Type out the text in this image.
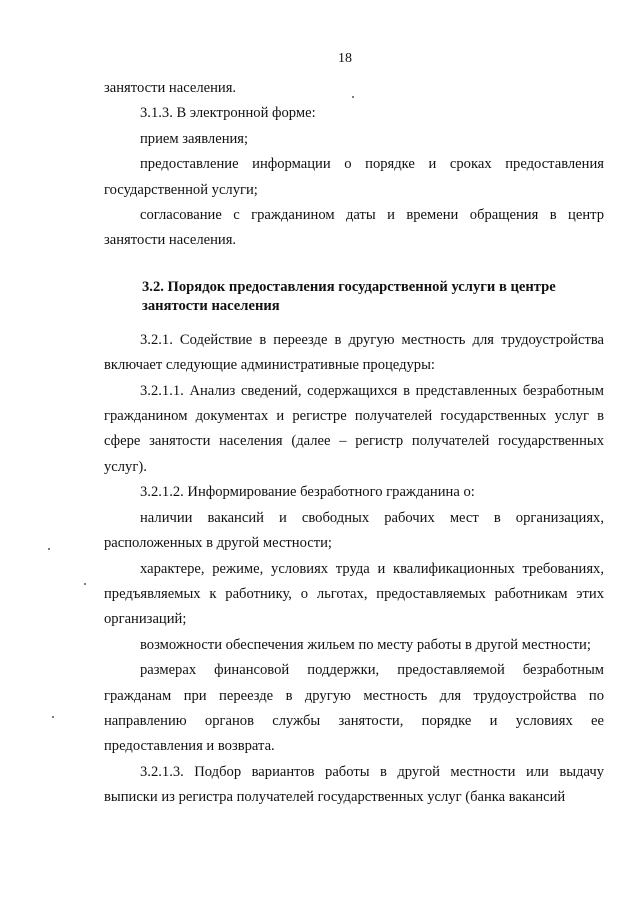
18

занятости населения.

3.1.3. В электронной форме:

прием заявления;

предоставление информации о порядке и сроках предоставления государственной услуги;

согласование с гражданином даты и времени обращения в центр занятости населения.

3.2. Порядок предоставления государственной услуги в центре
занятости населения

3.2.1. Содействие в переезде в другую местность для трудоустройства включает следующие административные процедуры:

3.2.1.1. Анализ сведений, содержащихся в представленных безработным гражданином документах и регистре получателей государственных услуг в сфере занятости населения (далее – регистр получателей государственных услуг).

3.2.1.2. Информирование безработного гражданина о:

наличии вакансий и свободных рабочих мест в организациях, расположенных в другой местности;

характере, режиме, условиях труда и квалификационных требованиях, предъявляемых к работнику, о льготах, предоставляемых работникам этих организаций;

возможности обеспечения жильем по месту работы в другой местности;

размерах финансовой поддержки, предоставляемой безработным гражданам при переезде в другую местность для трудоустройства по направлению органов службы занятости, порядке и условиях ее предоставления и возврата.

3.2.1.3. Подбор вариантов работы в другой местности или выдачу выписки из регистра получателей государственных услуг (банка вакансий
